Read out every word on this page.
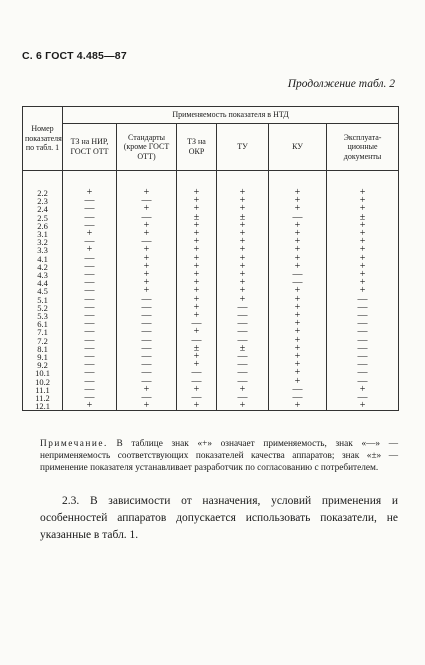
С. 6 ГОСТ 4.485—87
Продолжение табл. 2
Номер показателя по табл. 1	Применяемость показателя в НТД					
	ТЗ на НИР, ГОСТ ОТТ	Стандарты (кроме ГОСТ ОТТ)	ТЗ на ОКР	ТУ	КУ	Эксплуата-ционные документы

2.2	+	+	+	+	+	+
2.3	—	—	+	+	+	+
2.4	—	+	+	+	+	+
2.5	—	—	±	±	—	±
2.6	—	+	+	+	+	+
3.1	+	+	+	+	+	+
3.2	—	—	+	+	+	+
3.3	+	+	+	+	+	+
4.1	—	+	+	+	+	+
4.2	—	+	+	+	+	+
4.3	—	+	+	+	—	+
4.4	—	+	+	+	—	+
4.5	—	+	+	+	+	+
5.1	—	—	+	+	+	—
5.2	—	—	+	—	+	—
5.3	—	—	+	—	+	—
6.1	—	—	—	—	+	—
7.1	—	—	+	—	+	—
7.2	—	—	—	—	+	—
8.1	—	—	±	±	+	—
9.1	—	—	+	—	+	—
9.2	—	—	+	—	+	—
10.1	—	—	—	—	+	—
10.2	—	—	—	—	+	—
11.1	—	+	+	+	—	+
11.2	—	—	—	—	—	—
12.1	+	+	+	+	+	+
Примечание. В таблице знак «+» означает применяемость, знак «—» — неприменяемость соответствующих показателей качества аппаратов; знак «±» — применение показателя устанавливает разработчик по согласованию с потребителем.
2.3. В зависимости от назначения, условий применения и особенностей аппаратов допускается использовать показатели, не указанные в табл. 1.
